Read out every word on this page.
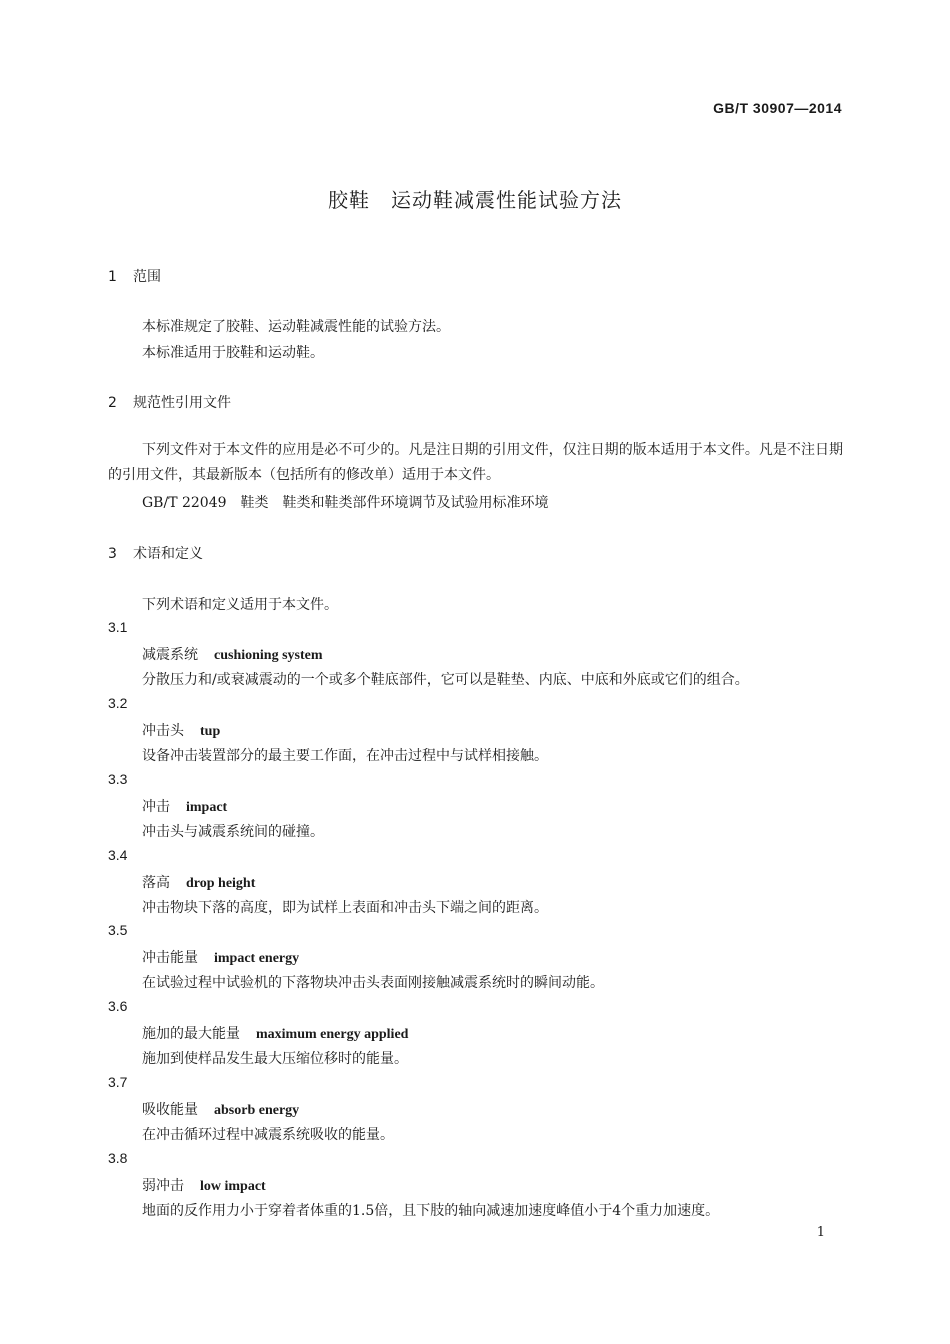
GB/T 30907—2014
胶鞋　运动鞋减震性能试验方法
1 范围
本标准规定了胶鞋、运动鞋减震性能的试验方法。
本标准适用于胶鞋和运动鞋。
2 规范性引用文件
下列文件对于本文件的应用是必不可少的。凡是注日期的引用文件，仅注日期的版本适用于本文件。凡是不注日期的引用文件，其最新版本（包括所有的修改单）适用于本文件。
GB/T 22049　鞋类　鞋类和鞋类部件环境调节及试验用标准环境
3 术语和定义
下列术语和定义适用于本文件。
3.1
减震系统 cushioning system
分散压力和/或衰减震动的一个或多个鞋底部件，它可以是鞋垫、内底、中底和外底或它们的组合。
3.2
冲击头 tup
设备冲击装置部分的最主要工作面，在冲击过程中与试样相接触。
3.3
冲击 impact
冲击头与减震系统间的碰撞。
3.4
落高 drop height
冲击物块下落的高度，即为试样上表面和冲击头下端之间的距离。
3.5
冲击能量 impact energy
在试验过程中试验机的下落物块冲击头表面刚接触减震系统时的瞬间动能。
3.6
施加的最大能量 maximum energy applied
施加到使样品发生最大压缩位移时的能量。
3.7
吸收能量 absorb energy
在冲击循环过程中减震系统吸收的能量。
3.8
弱冲击 low impact
地面的反作用力小于穿着者体重的1.5倍，且下肢的轴向减速加速度峰值小于4个重力加速度。
1
